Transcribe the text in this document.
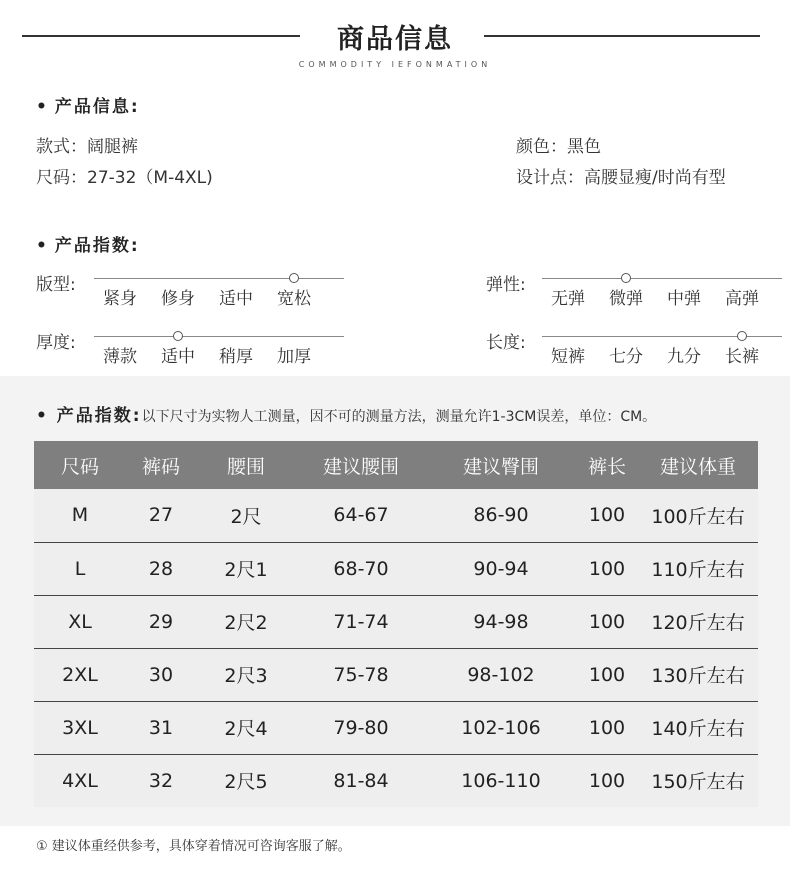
商品信息
COMMODITY IEFONMATION
• 产品信息:
款式：阔腿裤
尺码：27-32（M-4XL)
颜色：黑色
设计点：高腰显瘦/时尚有型
• 产品指数:
版型:
紧身	修身	适中	宽松
弹性:
无弹	微弹	中弹	高弹
厚度:
薄款	适中	稍厚	加厚
长度:
短裤	七分	九分	长裤
• 产品指数:以下尺寸为实物人工测量，因不可的测量方法，测量允许1-3CM误差，单位：CM。
尺码	裤码	腰围	建议腰围	建议臀围	裤长	建议体重
M	27	2尺	64-67	86-90	100	100斤左右
L	28	2尺1	68-70	90-94	100	110斤左右
XL	29	2尺2	71-74	94-98	100	120斤左右
2XL	30	2尺3	75-78	98-102	100	130斤左右
3XL	31	2尺4	79-80	102-106	100	140斤左右
4XL	32	2尺5	81-84	106-110	100	150斤左右
① 建议体重经供参考，具体穿着情况可咨询客服了解。
